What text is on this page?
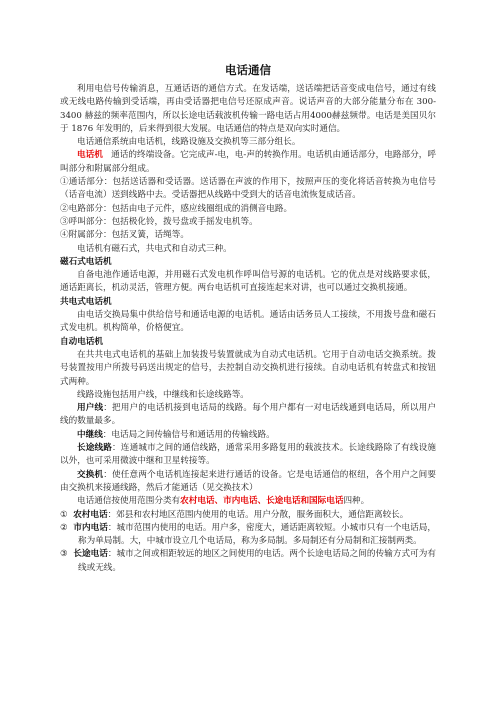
电话通信

利用电信号传输消息，互通话语的通信方式。在发话端，送话端把话音变成电信号，通过有线或无线电路传输到受话端，再由受话器把电信号还原成声音。说话声音的大部分能量分布在 300-3400 赫兹的频率范围内，所以长途电话载波机传输一路电话占用4000赫兹频带。电话是美国贝尔于 1876 年发明的，后来得到很大发展。电话通信的特点是双向实时通信。

电话通信系统由电话机，线路设施及交换机等三部分组长。

电话机 通话的终端设备。它完成声-电，电-声的转换作用。电话机由通话部分，电路部分，呼叫部分和附属部分组成。

①通话部分：包括送话器和受话器。送话器在声波的作用下，按照声压的变化将话音转换为电信号（话音电流）送到线路中去。受话器把从线路中受到大的话音电流恢复成话音。

②电路部分：包括由电子元件，感应线圈组成的消侧音电路。

③呼叫部分：包括极化铃，拨号盘或手摇发电机等。

④附属部分：包括叉簧，话绳等。

电话机有磁石式，共电式和自动式三种。

磁石式电话机

自备电池作通话电源，并用磁石式发电机作呼叫信号源的电话机。它的优点是对线路要求低，通话距离长，机动灵活，管理方便。两台电话机可直接连起来对讲，也可以通过交换机接通。

共电式电话机

由电话交换局集中供给信号和通话电源的电话机。通话由话务员人工接续，不用拨号盘和磁石式发电机。机构简单，价格便宜。

自动电话机

在共共电式电话机的基础上加装拨号装置就成为自动式电话机。它用于自动电话交换系统。拨号装置按用户所拨号码送出规定的信号，去控制自动交换机进行接续。自动电话机有转盘式和按钮式两种。

线路设施包括用户线，中继线和长途线路等。

用户线：把用户的电话机接到电话局的线路。每个用户都有一对电话线通到电话局，所以用户线的数量最多。

中继线：电话局之间传输信号和通话用的传输线路。

长途线路：连通城市之间的通信线路，通常采用多路复用的载波技术。长途线路除了有线设施以外，也可采用微波中继和卫星转接等。

交换机：使任意两个电话机连接起来进行通话的设备。它是电话通信的枢纽，各个用户之间要由交换机来接通线路，然后才能通话（见交换技术）

电话通信按使用范围分类有农村电话、市内电话、长途电话和国际电话四种。

① 农村电话：郊县和农村地区范围内使用的电话。用户分散，服务面积大，通信距离较长。

② 市内电话：城市范围内使用的电话。用户多，密度大，通话距离较短。小城市只有一个电话局，称为单局制。大，中城市设立几个电话局，称为多局制。多局制还有分局制和汇接制两类。

③ 长途电话：城市之间或相距较远的地区之间使用的电话。两个长途电话局之间的传输方式可为有线或无线。
